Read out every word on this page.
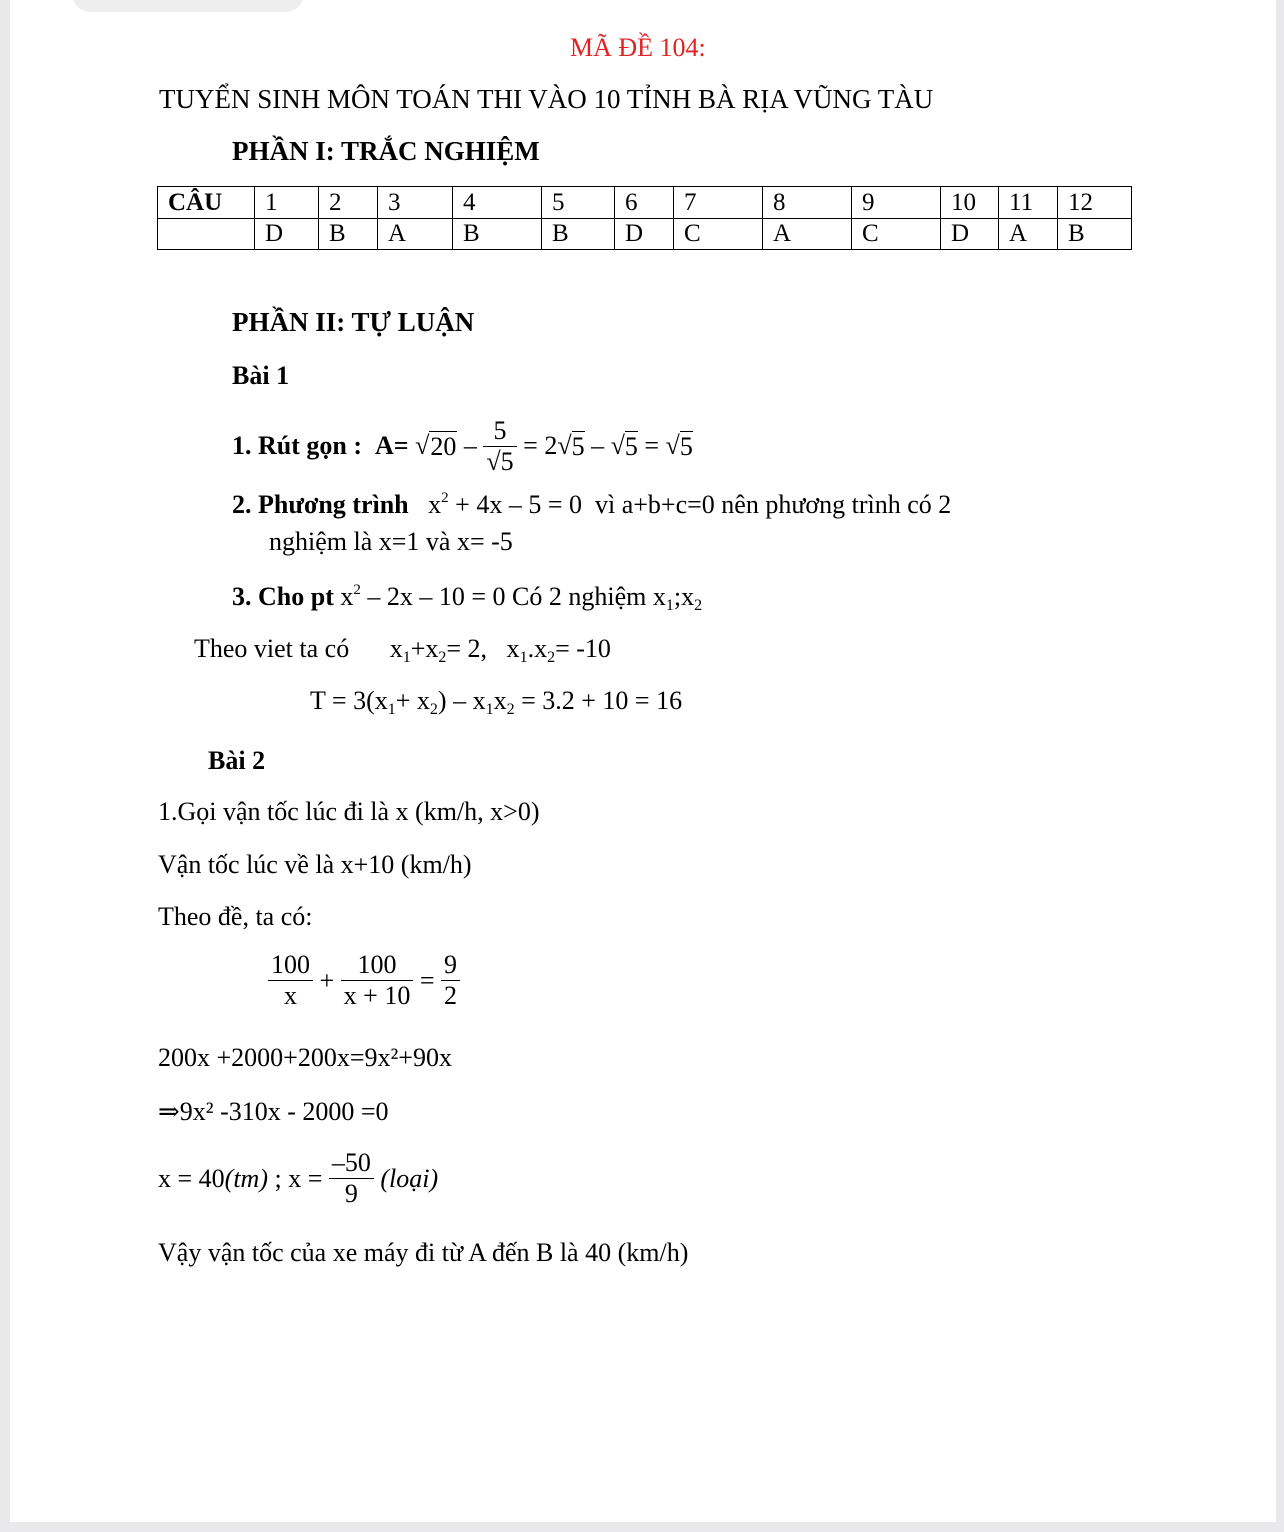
MÃ ĐỀ 104:
TUYỂN SINH MÔN TOÁN THI VÀO 10 TỈNH BÀ RỊA VŨNG TÀU
PHẦN I: TRẮC NGHIỆM
CÂU	1	2	3	4	5	6	7	8	9	10	11	12
	D	B	A	B	B	D	C	A	C	D	A	B
PHẦN II: TỰ LUẬN
Bài 1
1. Rút gọn :
A=
√ $20 - \frac{5}{√5} = 2√$ 5 – √ 5 = √ 5
2. Phương trình $x^2 + 4x - 5 = 0$ vì a+b+c=0 nên phương trình có 2
nghiệm là x=1 và x= -5
3. Cho pt $x^2 - 2x - 10 = 0$ Có 2 nghiệm $x_1;x_2$
Theo viet ta có $x_1+x_2= 2$,   $x_1.x_2= -10$
$T = 3(x_1+ x_2) - x_1x_2 = 3.2 + 10 = 16$
Bài 2
1.Gọi vận tốc lúc đi là x (km/h, x>0)
Vận tốc lúc về là x+10 (km/h)
Theo đề, ta có:
$\frac{100}{x} + \frac{100}{x + 10} = \frac{9}{2}$
200x +2000+200x=9x²+90x
⇒9x² -310x - 2000 =0
x = 40 (tm) ; $x = \frac{-50}{9}$
(loại)
Vậy vận tốc của xe máy đi từ A đến B là 40 (km/h)
